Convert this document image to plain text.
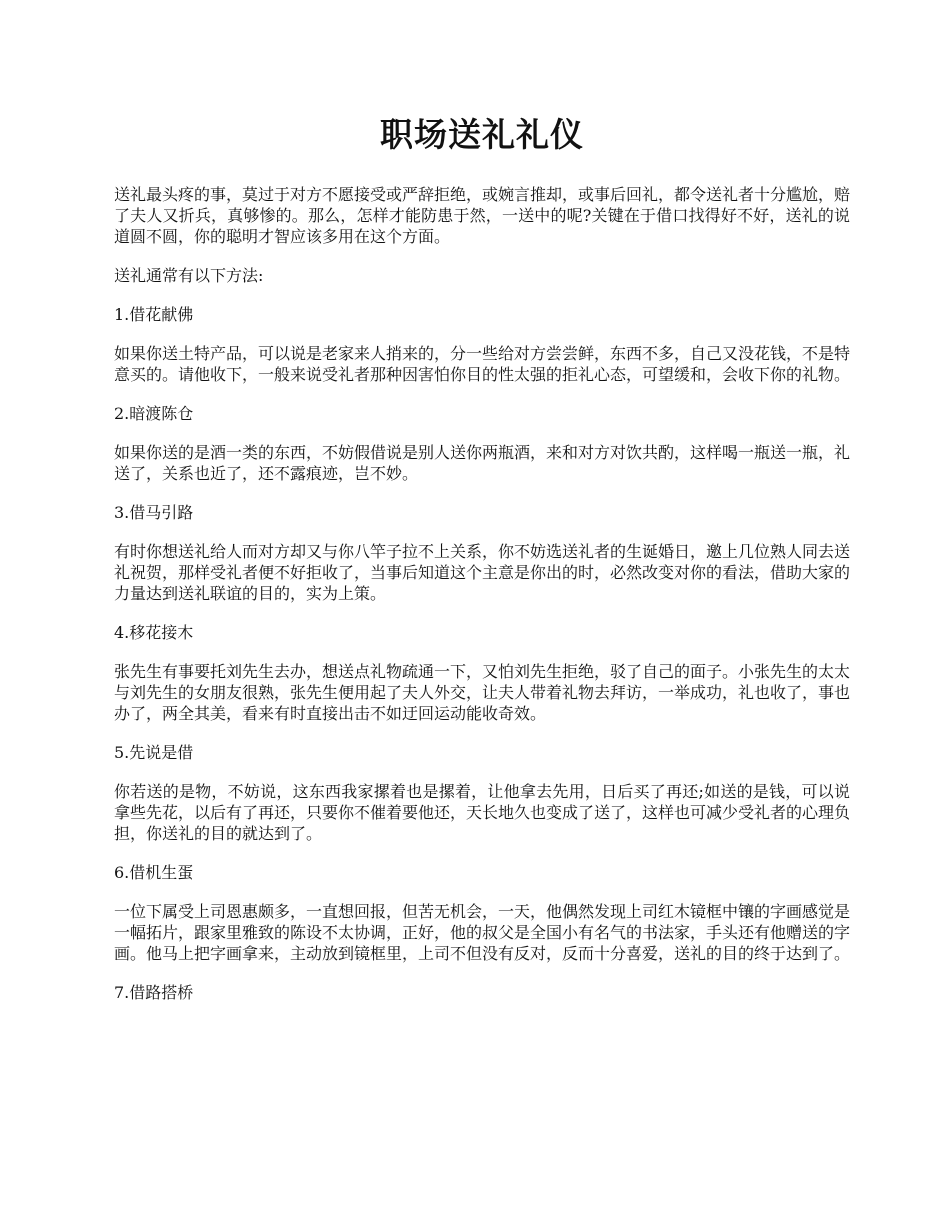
职场送礼礼仪

送礼最头疼的事，莫过于对方不愿接受或严辞拒绝，或婉言推却，或事后回礼，都令送礼者十分尴尬，赔了夫人又折兵，真够惨的。那么，怎样才能防患于然，一送中的呢?关键在于借口找得好不好，送礼的说道圆不圆，你的聪明才智应该多用在这个方面。

送礼通常有以下方法:

1.借花献佛

如果你送土特产品，可以说是老家来人捎来的，分一些给对方尝尝鲜，东西不多，自己又没花钱，不是特意买的。请他收下，一般来说受礼者那种因害怕你目的性太强的拒礼心态，可望缓和，会收下你的礼物。

2.暗渡陈仓

如果你送的是酒一类的东西，不妨假借说是别人送你两瓶酒，来和对方对饮共酌，这样喝一瓶送一瓶，礼送了，关系也近了，还不露痕迹，岂不妙。

3.借马引路

有时你想送礼给人而对方却又与你八竿子拉不上关系，你不妨选送礼者的生诞婚日，邀上几位熟人同去送礼祝贺，那样受礼者便不好拒收了，当事后知道这个主意是你出的时，必然改变对你的看法，借助大家的力量达到送礼联谊的目的，实为上策。

4.移花接木

张先生有事要托刘先生去办，想送点礼物疏通一下，又怕刘先生拒绝，驳了自己的面子。小张先生的太太与刘先生的女朋友很熟，张先生便用起了夫人外交，让夫人带着礼物去拜访，一举成功，礼也收了，事也办了，两全其美，看来有时直接出击不如迂回运动能收奇效。

5.先说是借

你若送的是物，不妨说，这东西我家摞着也是摞着，让他拿去先用，日后买了再还;如送的是钱，可以说拿些先花，以后有了再还，只要你不催着要他还，天长地久也变成了送了，这样也可减少受礼者的心理负担，你送礼的目的就达到了。

6.借机生蛋

一位下属受上司恩惠颇多，一直想回报，但苦无机会，一天，他偶然发现上司红木镜框中镶的字画感觉是一幅拓片，跟家里雅致的陈设不太协调，正好，他的叔父是全国小有名气的书法家，手头还有他赠送的字画。他马上把字画拿来，主动放到镜框里，上司不但没有反对，反而十分喜爱，送礼的目的终于达到了。

7.借路搭桥
